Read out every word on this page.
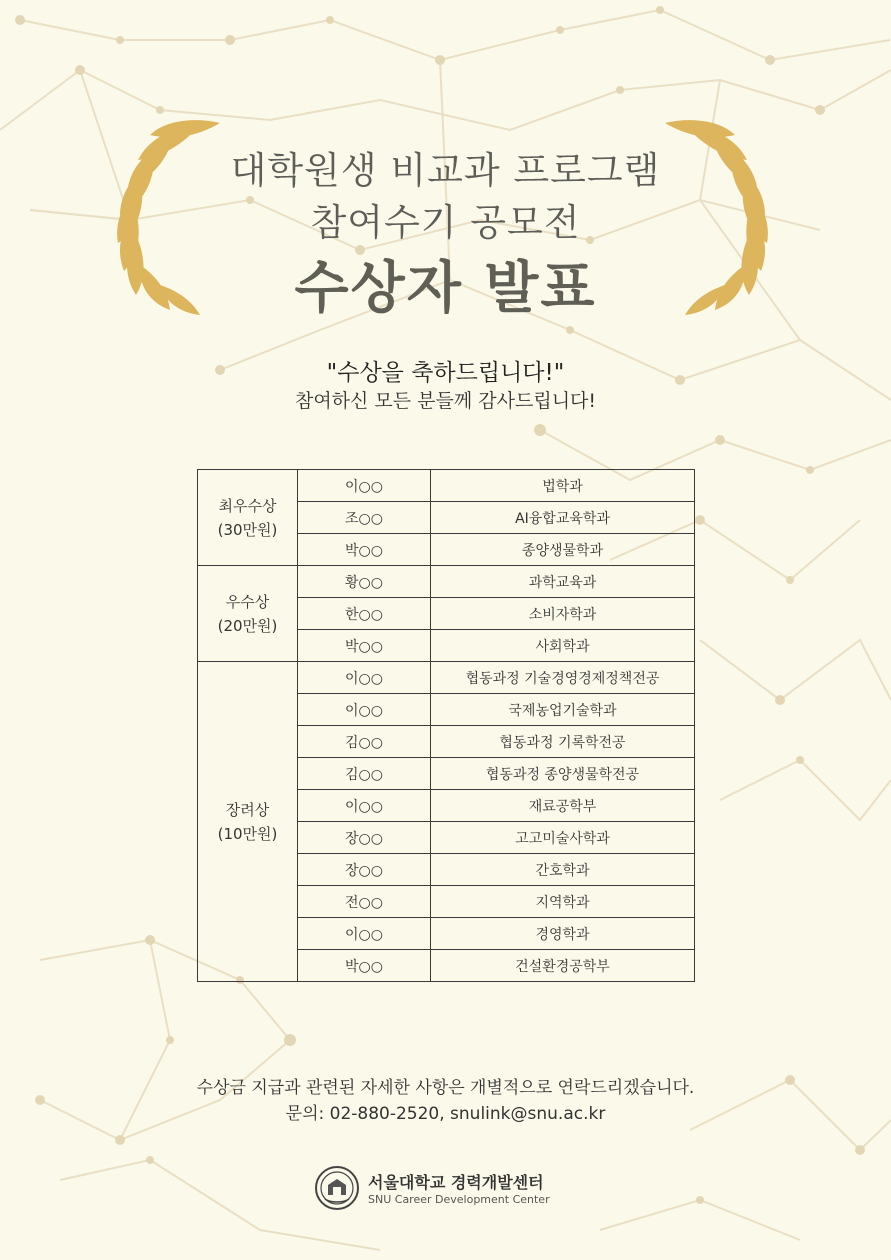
대학원생 비교과 프로그램
참여수기 공모전
수상자 발표
"수상을 축하드립니다!"
참여하신 모든 분들께 감사드립니다!
최우수상
(30만원)	이○○	법학과
	조○○	AI융합교육학과
	박○○	종양생물학과

우수상
(20만원)	황○○	과학교육과
	한○○	소비자학과
	박○○	사회학과

장려상
(10만원)	이○○	협동과정 기술경영경제정책전공
	이○○	국제농업기술학과
	김○○	협동과정 기록학전공
	김○○	협동과정 종양생물학전공
	이○○	재료공학부
	장○○	고고미술사학과
	장○○	간호학과
	전○○	지역학과
	이○○	경영학과
	박○○	건설환경공학부
수상금 지급과 관련된 자세한 사항은 개별적으로 연락드리겠습니다.
문의: 02-880-2520, snulink@snu.ac.kr
서울대학교 경력개발센터
SNU Career Development Center
